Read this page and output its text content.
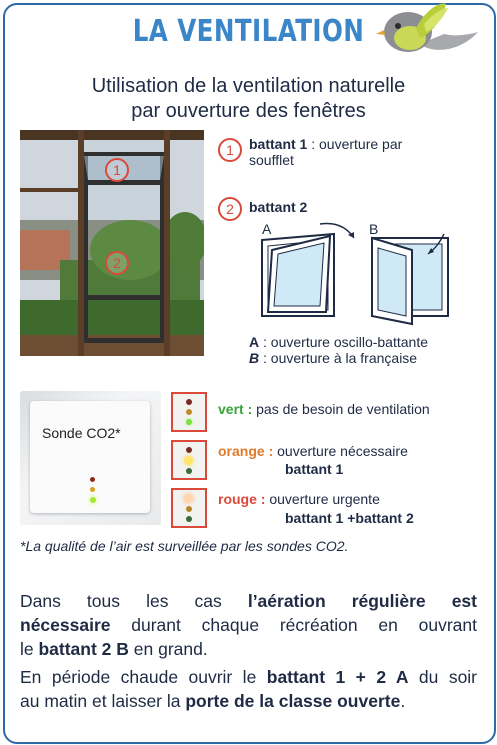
LA VENTILATION
Utilisation de la ventilation naturelle
par ouverture des fenêtres
1
2
1	battant 1 : ouverture par
soufflet
2	battant 2
A	B
A : ouverture oscillo-battante
B : ouverture à la française
Sonde CO2*
vert : pas de besoin de ventilation
orange : ouverture nécessaire
battant 1
rouge : ouverture urgente
battant 1 +battant 2
*La qualité de l’air est surveillée par les sondes CO2.
Dans tous les cas l’aération régulière est
nécessaire durant chaque récréation en ouvrant
le battant 2 B en grand.
En période chaude ouvrir le battant 1 + 2 A du soir
au matin et laisser la porte de la classe ouverte.
